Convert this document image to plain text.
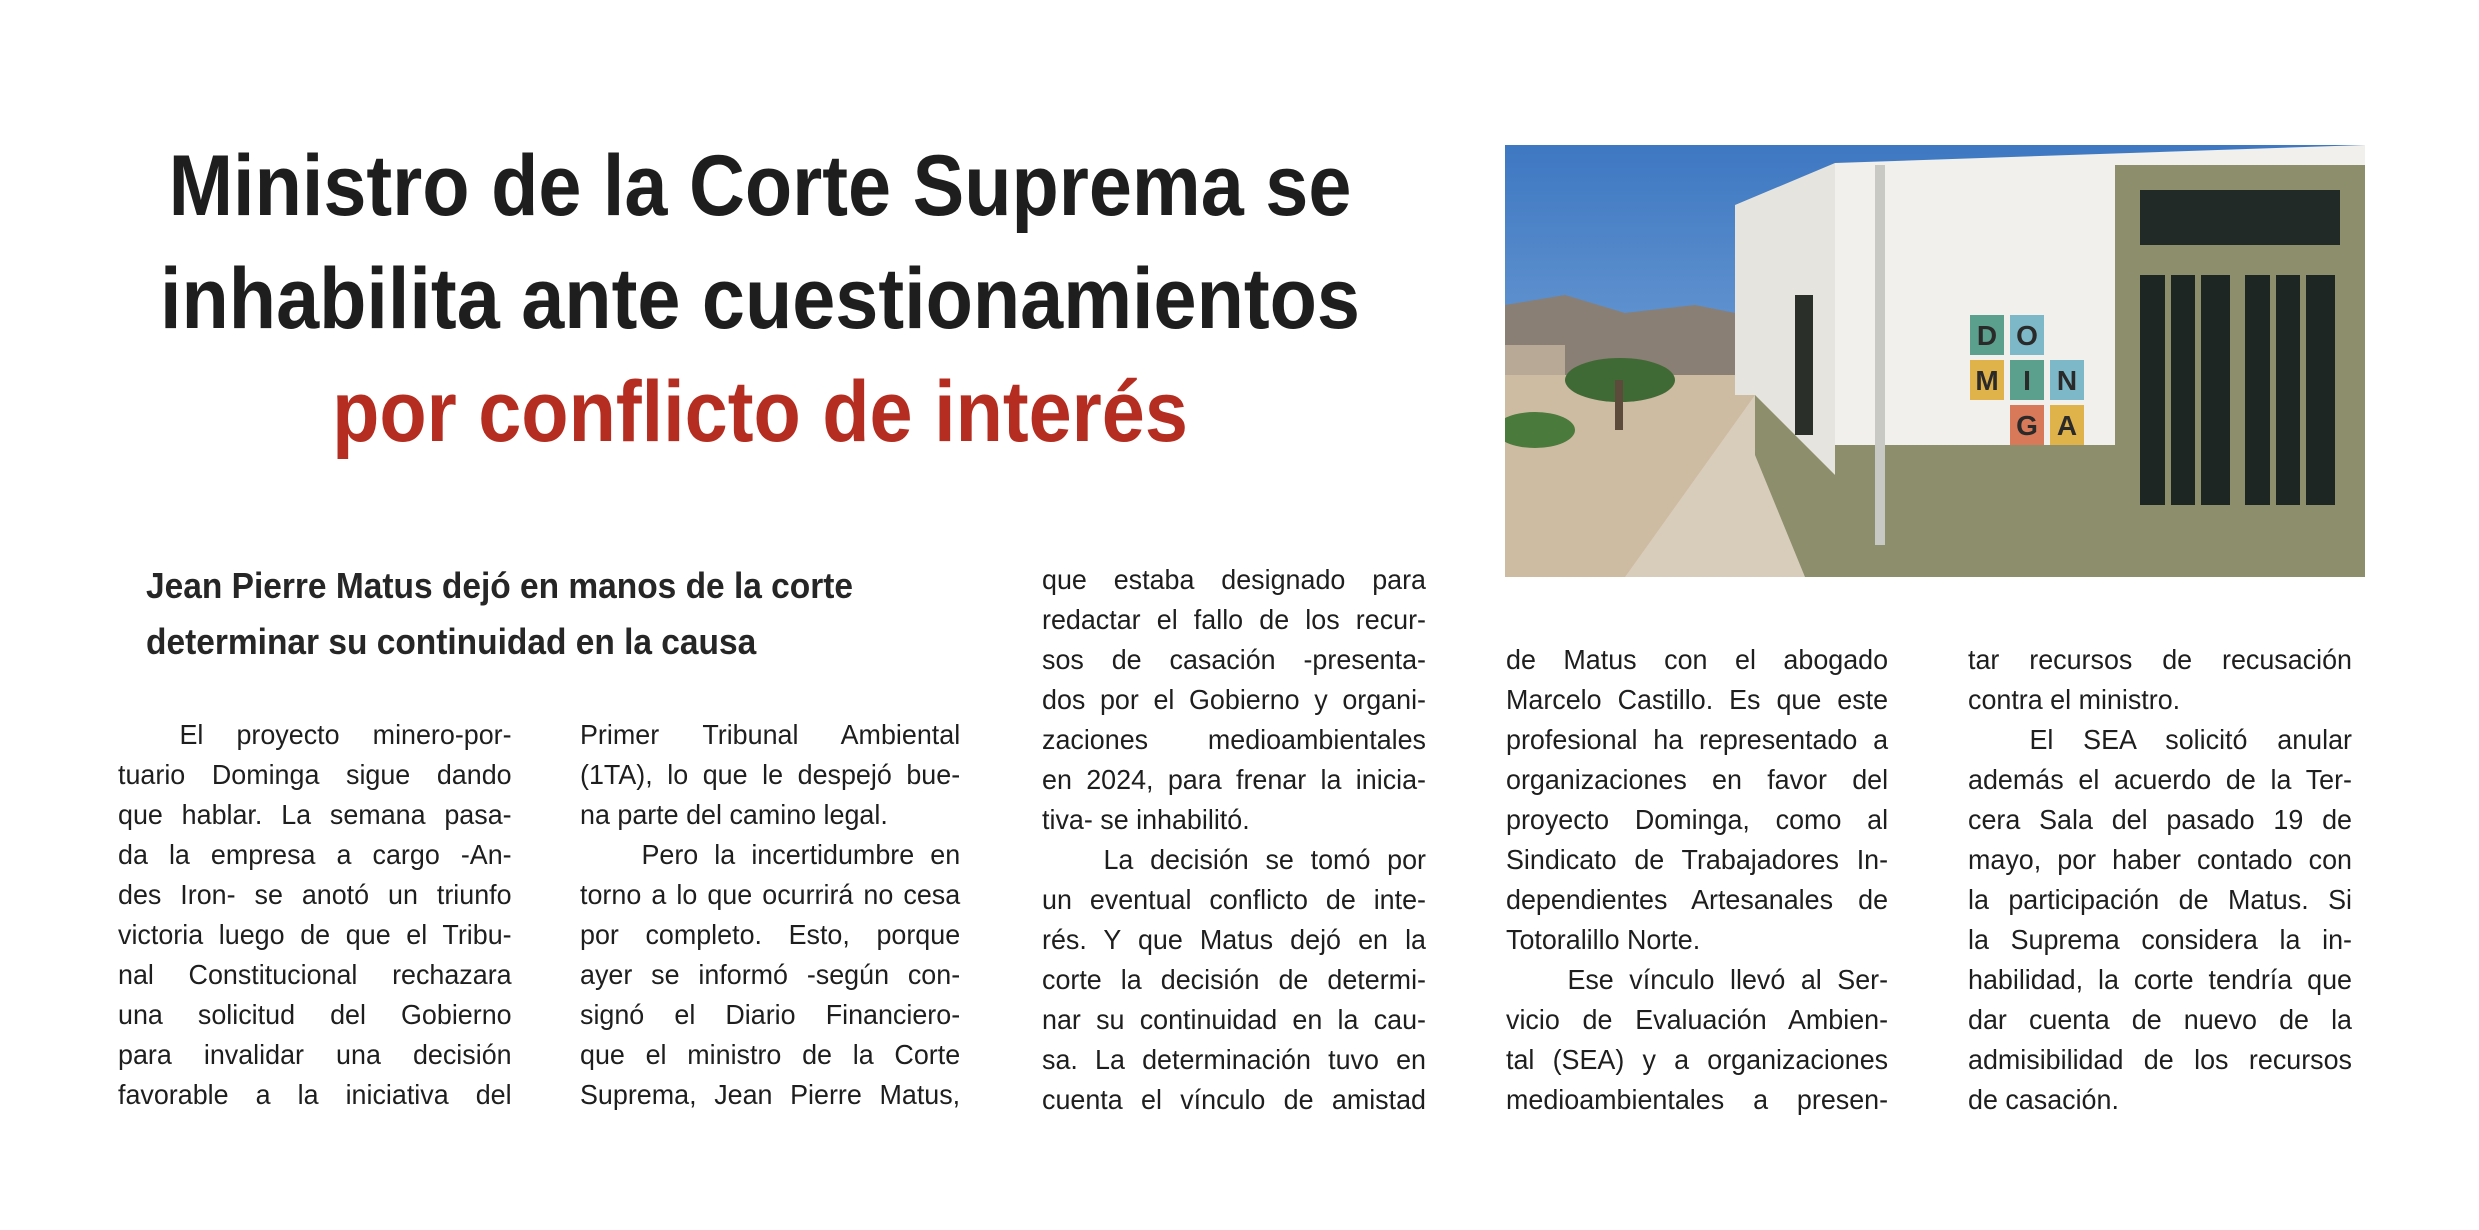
Ministro de la Corte Suprema se
inhabilita ante cuestionamientos
por conflicto de interés
D O
M I N
G A
Jean Pierre Matus dejó en manos de la corte
determinar su continuidad en la causa
El proyecto minero-por-
tuario Dominga sigue dando
que hablar. La semana pasa-
da la empresa a cargo -An-
des Iron- se anotó un triunfo
victoria luego de que el Tribu-
nal Constitucional rechazara
una solicitud del Gobierno
para invalidar una decisión
favorable a la iniciativa del
Primer Tribunal Ambiental
(1TA), lo que le despejó bue-
na parte del camino legal.
Pero la incertidumbre en
torno a lo que ocurrirá no cesa
por completo. Esto, porque
ayer se informó -según con-
signó el Diario Financiero-
que el ministro de la Corte
Suprema, Jean Pierre Matus,
que estaba designado para
redactar el fallo de los recur-
sos de casación -presenta-
dos por el Gobierno y organi-
zaciones medioambientales
en 2024, para frenar la inicia-
tiva- se inhabilitó.
La decisión se tomó por
un eventual conflicto de inte-
rés. Y que Matus dejó en la
corte la decisión de determi-
nar su continuidad en la cau-
sa. La determinación tuvo en
cuenta el vínculo de amistad
de Matus con el abogado
Marcelo Castillo. Es que este
profesional ha representado a
organizaciones en favor del
proyecto Dominga, como al
Sindicato de Trabajadores In-
dependientes Artesanales de
Totoralillo Norte.
Ese vínculo llevó al Ser-
vicio de Evaluación Ambien-
tal (SEA) y a organizaciones
medioambientales a presen-
tar recursos de recusación
contra el ministro.
El SEA solicitó anular
además el acuerdo de la Ter-
cera Sala del pasado 19 de
mayo, por haber contado con
la participación de Matus. Si
la Suprema considera la in-
habilidad, la corte tendría que
dar cuenta de nuevo de la
admisibilidad de los recursos
de casación.
